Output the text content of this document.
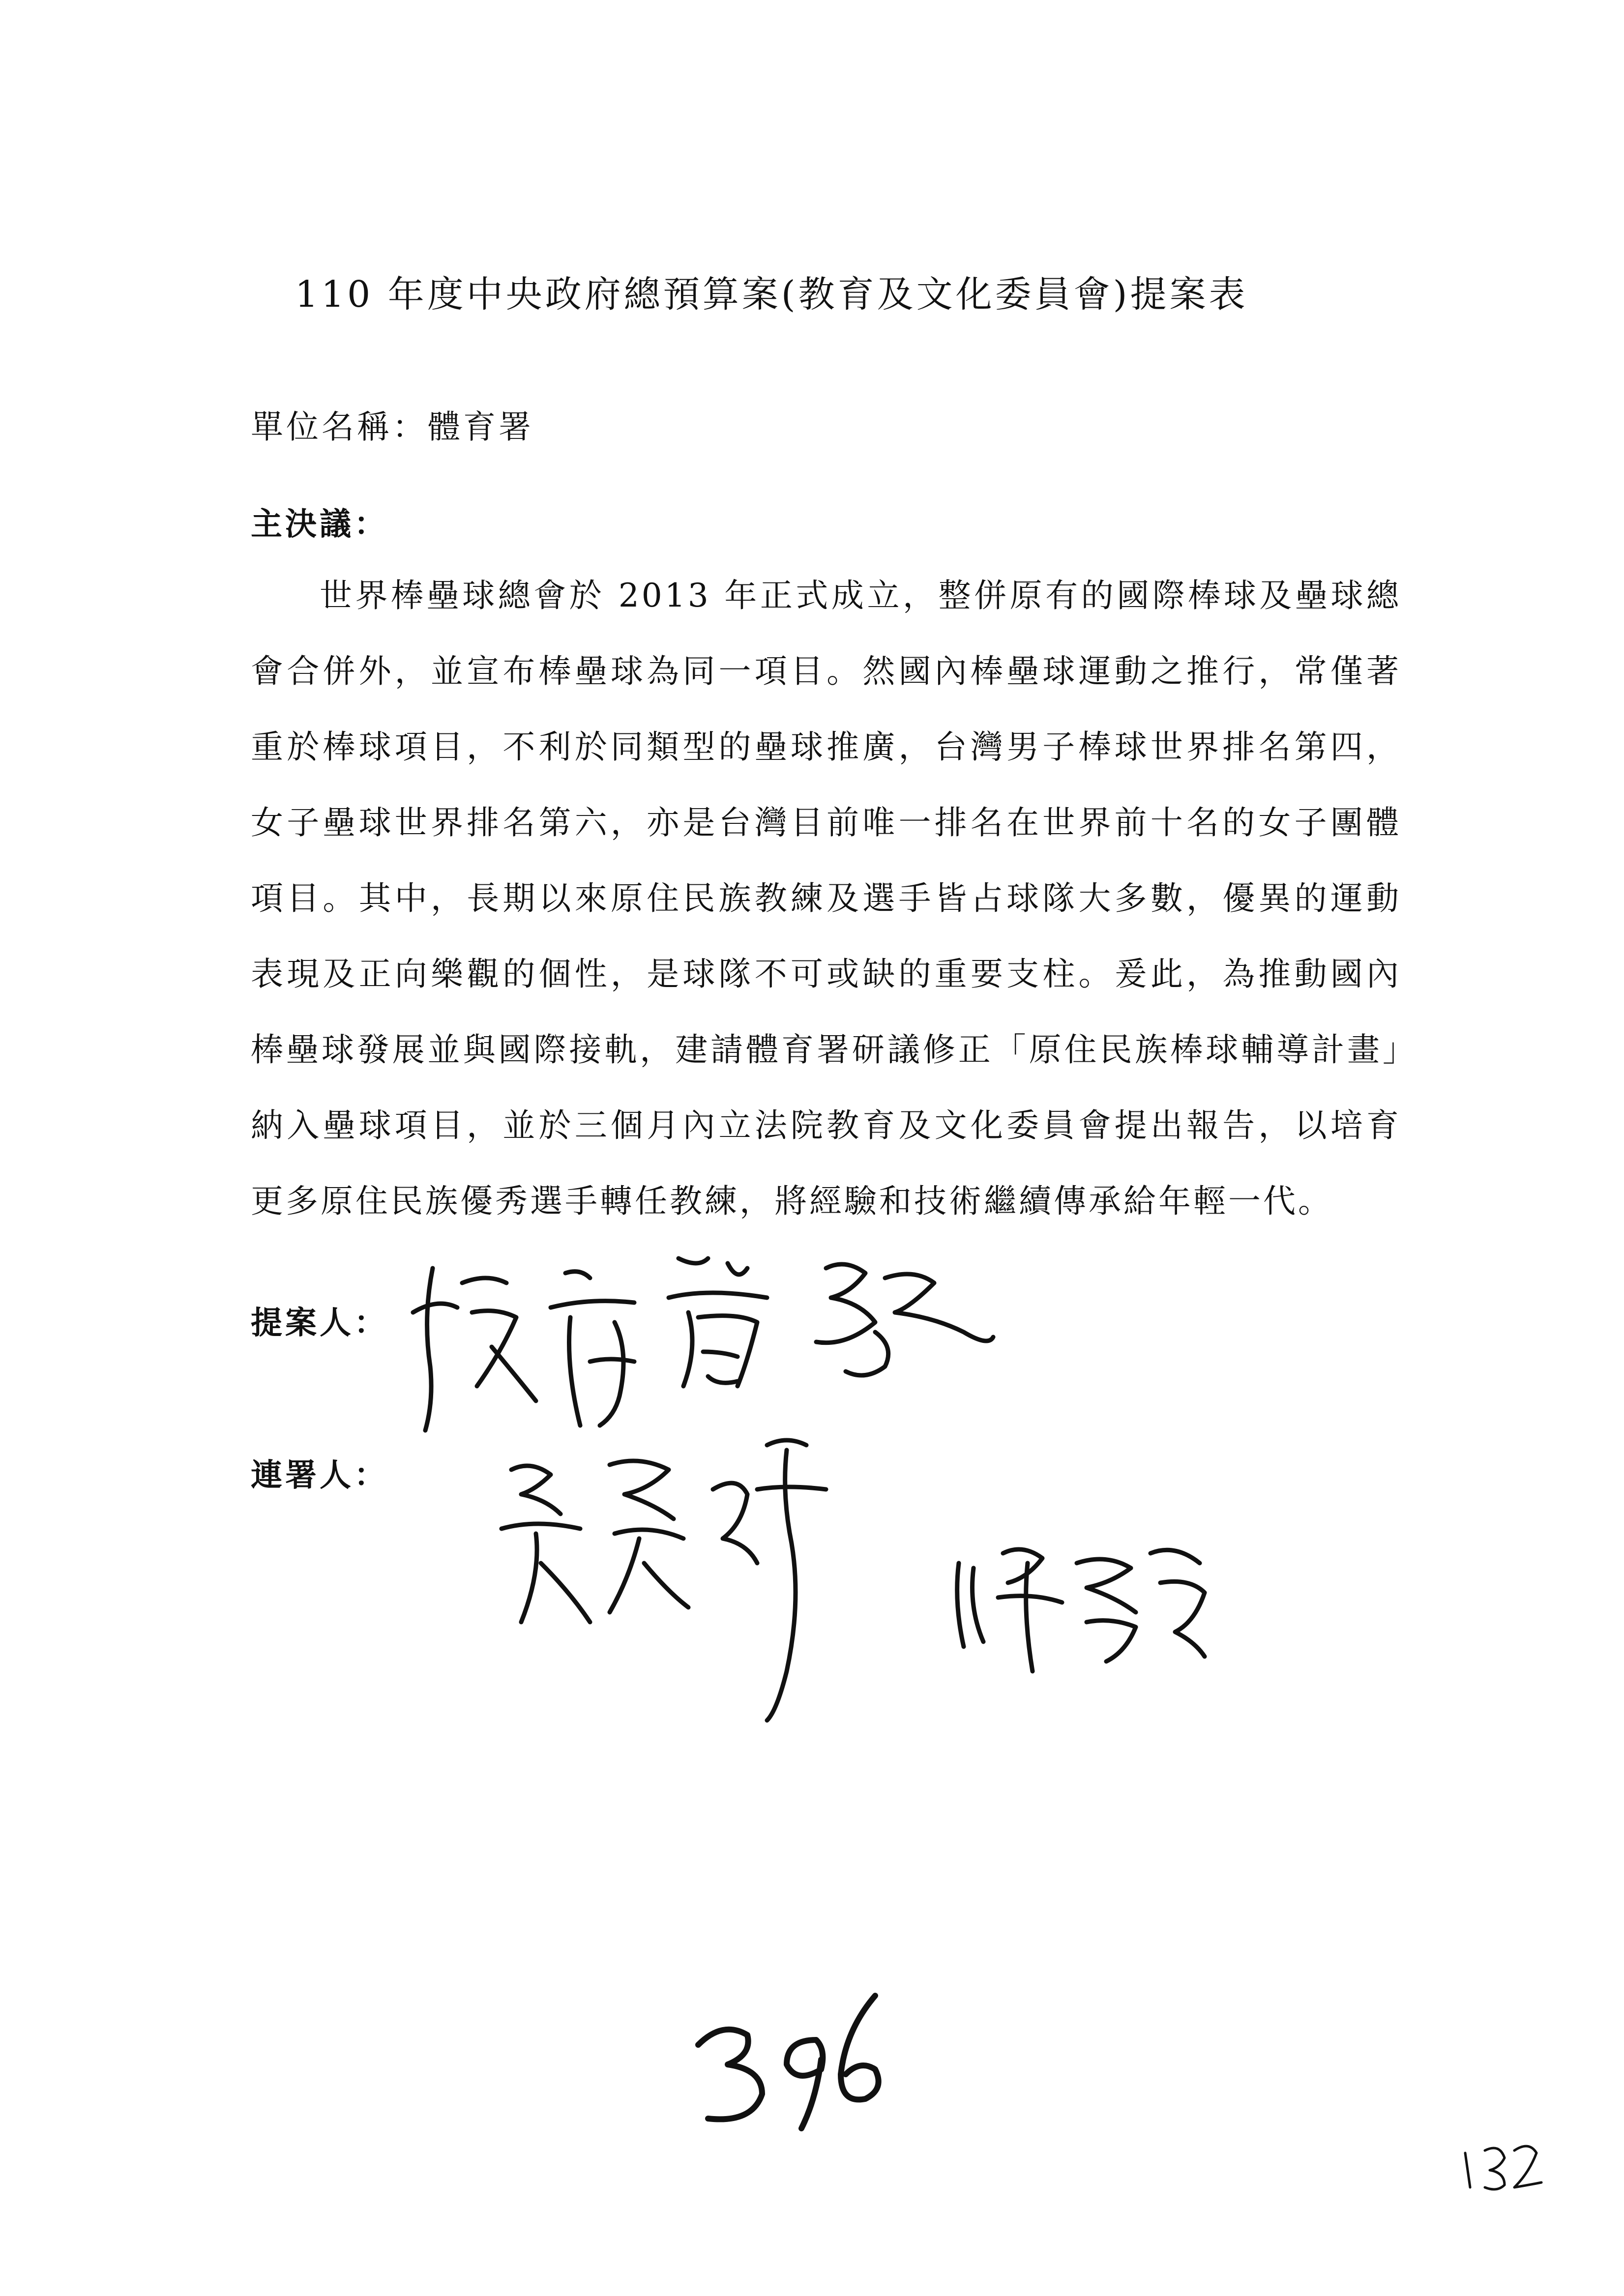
110 年度中央政府總預算案(教育及文化委員會)提案表
單位名稱：體育署
主決議：

世界棒壘球總會於 2013 年正式成立，整併原有的國際棒球及壘球總會合併外，並宣布棒壘球為同一項目。然國內棒壘球運動之推行，常僅著重於棒球項目，不利於同類型的壘球推廣，台灣男子棒球世界排名第四，女子壘球世界排名第六，亦是台灣目前唯一排名在世界前十名的女子團體項目。其中，長期以來原住民族教練及選手皆占球隊大多數，優異的運動表現及正向樂觀的個性，是球隊不可或缺的重要支柱。爰此，為推動國內棒壘球發展並與國際接軌，建請體育署研議修正「原住民族棒球輔導計畫」納入壘球項目，並於三個月內立法院教育及文化委員會提出報告，以培育更多原住民族優秀選手轉任教練，將經驗和技術繼續傳承給年輕一代。

提案人：
連署人：
